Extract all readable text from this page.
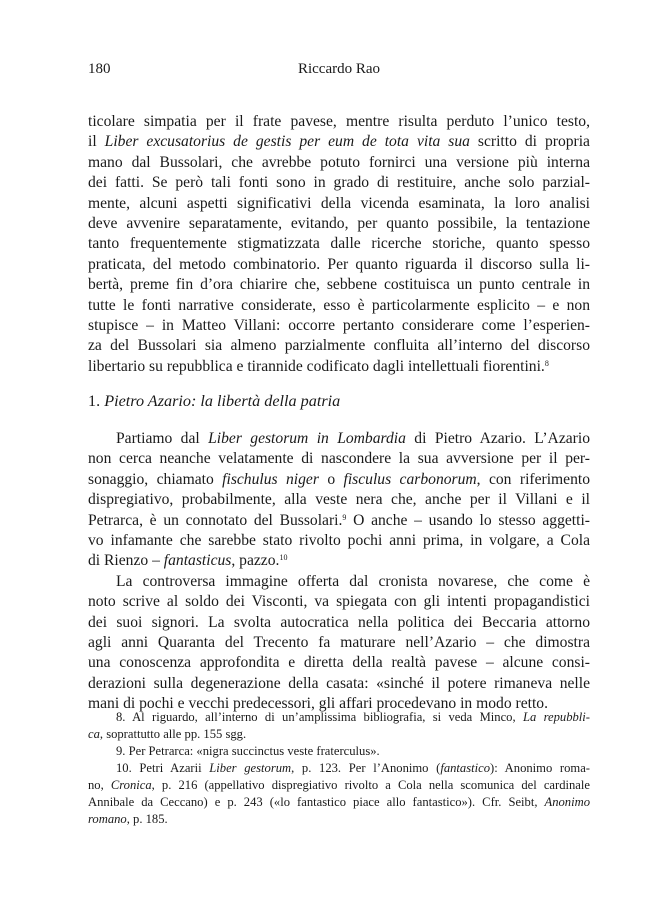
180	Riccardo Rao
ticolare simpatia per il frate pavese, mentre risulta perduto l’unico testo,
il Liber excusatorius de gestis per eum de tota vita sua scritto di propria
mano dal Bussolari, che avrebbe potuto fornirci una versione più interna
dei fatti. Se però tali fonti sono in grado di restituire, anche solo parzial-
mente, alcuni aspetti significativi della vicenda esaminata, la loro analisi
deve avvenire separatamente, evitando, per quanto possibile, la tentazione
tanto frequentemente stigmatizzata dalle ricerche storiche, quanto spesso
praticata, del metodo combinatorio. Per quanto riguarda il discorso sulla li-
bertà, preme fin d’ora chiarire che, sebbene costituisca un punto centrale in
tutte le fonti narrative considerate, esso è particolarmente esplicito – e non
stupisce – in Matteo Villani: occorre pertanto considerare come l’esperien-
za del Bussolari sia almeno parzialmente confluita all’interno del discorso
libertario su repubblica e tirannide codificato dagli intellettuali fiorentini.$^8$
1. Pietro Azario: la libertà della patria
Partiamo dal Liber gestorum in Lombardia di Pietro Azario. L’Azario
non cerca neanche velatamente di nascondere la sua avversione per il per-
sonaggio, chiamato fischulus niger o fisculus carbonorum, con riferimento
dispregiativo, probabilmente, alla veste nera che, anche per il Villani e il
Petrarca, è un connotato del Bussolari.$^9$ O anche – usando lo stesso aggetti-
vo infamante che sarebbe stato rivolto pochi anni prima, in volgare, a Cola
di Rienzo – fantasticus, pazzo.$^{10}$
La controversa immagine offerta dal cronista novarese, che come è
noto scrive al soldo dei Visconti, va spiegata con gli intenti propagandistici
dei suoi signori. La svolta autocratica nella politica dei Beccaria attorno
agli anni Quaranta del Trecento fa maturare nell’Azario – che dimostra
una conoscenza approfondita e diretta della realtà pavese – alcune consi-
derazioni sulla degenerazione della casata: «sinché il potere rimaneva nelle
mani di pochi e vecchi predecessori, gli affari procedevano in modo retto.
8. Al riguardo, all’interno di un’amplissima bibliografia, si veda Minco, La repubbli-
ca, soprattutto alle pp. 155 sgg.
9. Per Petrarca: «nigra succinctus veste fraterculus».
10. Petri Azarii Liber gestorum, p. 123. Per l’Anonimo (fantastico): Anonimo roma-
no, Cronica, p. 216 (appellativo dispregiativo rivolto a Cola nella scomunica del cardinale
Annibale da Ceccano) e p. 243 («lo fantastico piace allo fantastico»). Cfr. Seibt, Anonimo
romano, p. 185.
